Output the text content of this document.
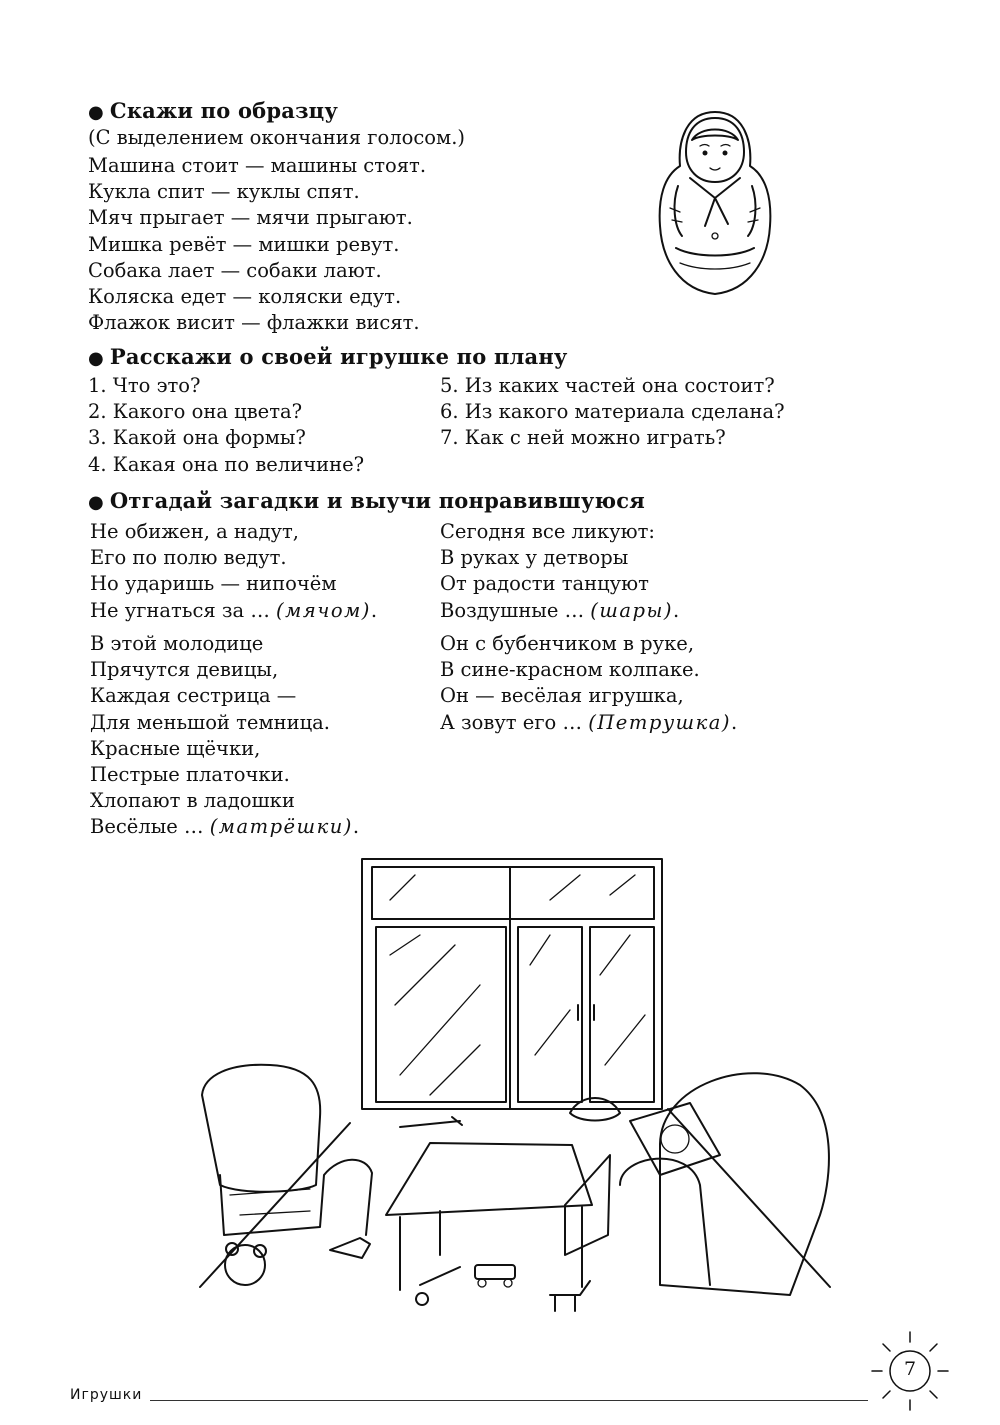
● Скажи по образцу
(С выделением окончания голосом.)
Машина стоит — машины стоят.
Кукла спит — куклы спят.
Мяч прыгает — мячи прыгают.
Мишка ревёт — мишки ревут.
Собака лает — собаки лают.
Коляска едет — коляски едут.
Флажок висит — флажки висят.
● Расскажи о своей игрушке по плану
1. Что это?
2. Какого она цвета?
3. Какой она формы?
4. Какая она по величине?
5. Из каких частей она состоит?
6. Из какого материала сделана?
7. Как с ней можно играть?
● Отгадай загадки и выучи понравившуюся
Не обижен, а надут,
Его по полю ведут.
Но ударишь — нипочём
Не угнаться за … (мячом).
Сегодня все ликуют:
В руках у детворы
От радости танцуют
Воздушные … (шары).
В этой молодице
Прячутся девицы,
Каждая сестрица —
Для меньшой темница.
Красные щёчки,
Пестрые платочки.
Хлопают в ладошки
Весёлые … (матрёшки).
Он с бубенчиком в руке,
В сине-красном колпаке.
Он — весёлая игрушка,
А зовут его … (Петрушка).
Игрушки
7
